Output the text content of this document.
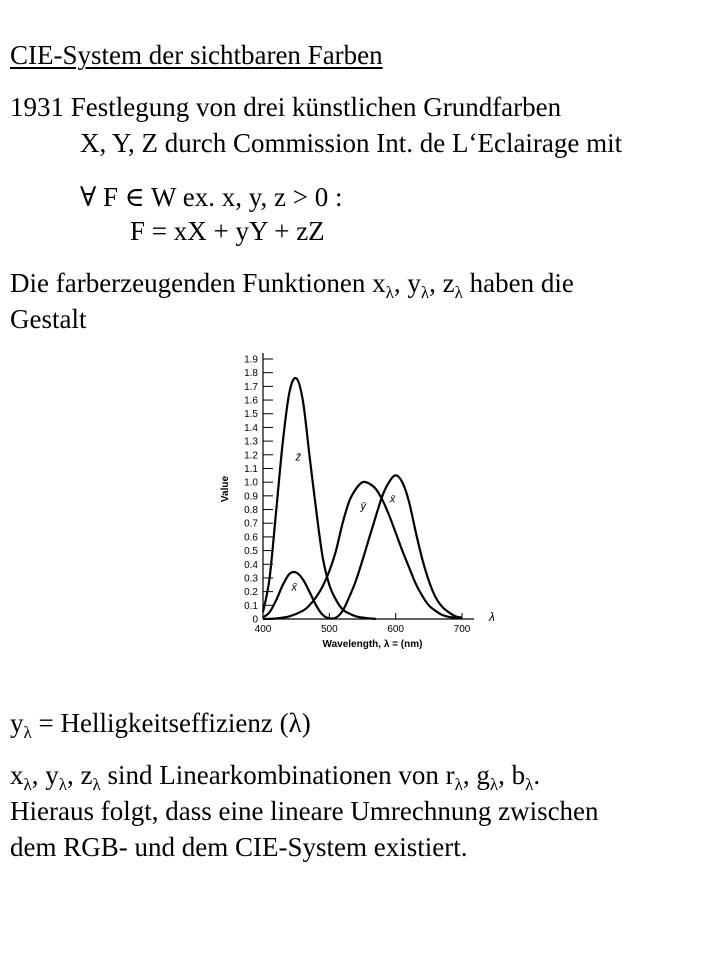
CIE-System der sichtbaren Farben
1931 Festlegung von drei künstlichen Grundfarben
X, Y, Z durch Commission Int. de L‘Eclairage mit
∀ F ∈ W ex. x, y, z > 0 :
F = xX + yY + zZ
Die farberzeugenden Funktionen $x_\lambda$, $y_\lambda$, $z_\lambda$ haben die
Gestalt
0
0.1
0.2
0.3
0.4
0.5
0.6
0.7
0.8
0.9
1.0
1.1
1.2
1.3
1.4
1.5
1.6
1.7
1.8
1.9
400	500	600	700
Value
Wavelength, λ = (nm)
λ
z̄
x̄
ȳ
x̄
$y_\lambda$ = Helligkeitseffizienz (λ)
$x_\lambda$, $y_\lambda$, $z_\lambda$ sind Linearkombinationen von $r_\lambda$, $g_\lambda$, $b_\lambda$.
Hieraus folgt, dass eine lineare Umrechnung zwischen
dem RGB- und dem CIE-System existiert.
